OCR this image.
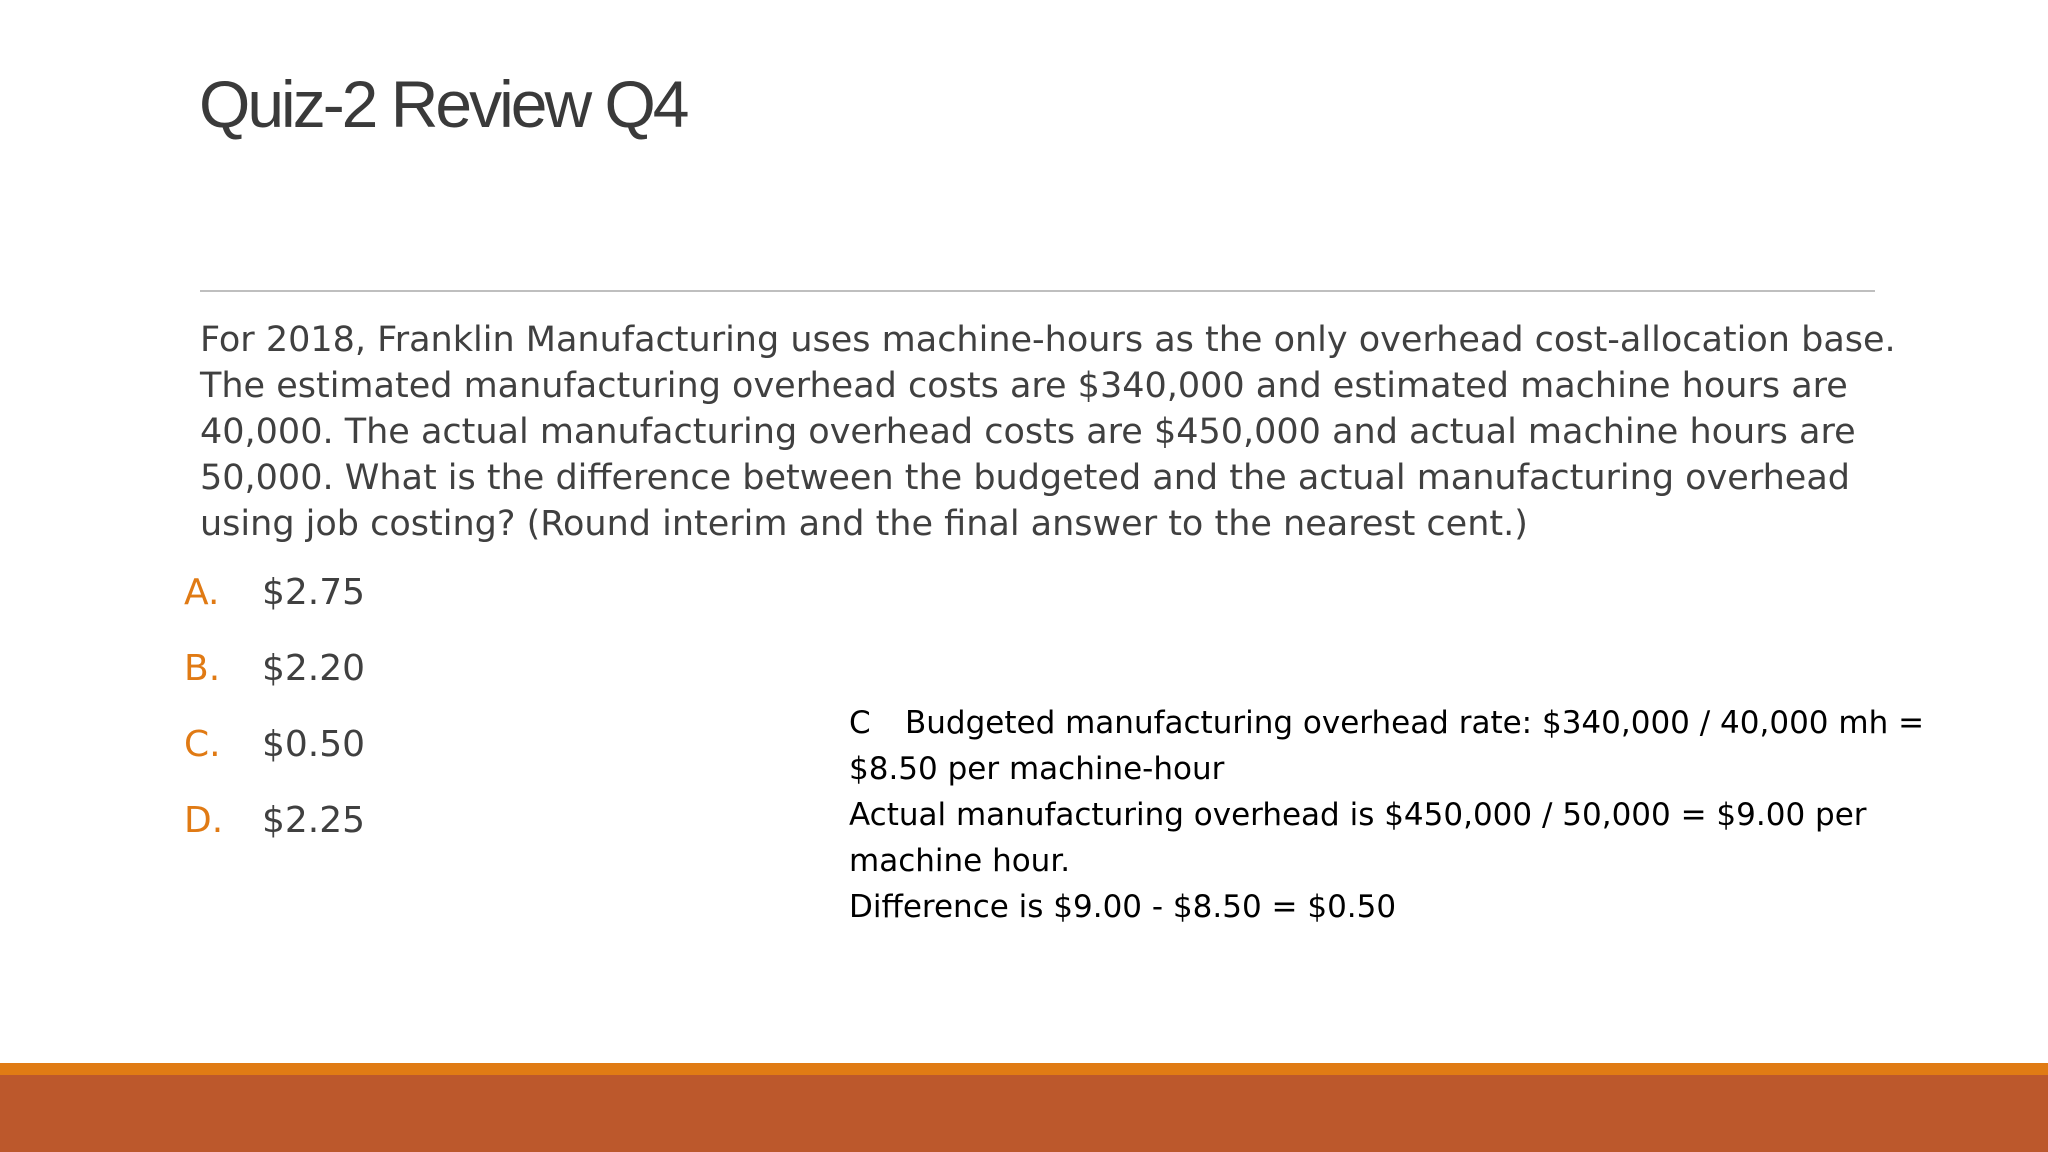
Quiz-2 Review Q4

For 2018, Franklin Manufacturing uses machine-hours as the only overhead cost-allocation base. The estimated manufacturing overhead costs are $340,000 and estimated machine hours are 40,000. The actual manufacturing overhead costs are $450,000 and actual machine hours are 50,000. What is the difference between the budgeted and the actual manufacturing overhead using job costing? (Round interim and the final answer to the nearest cent.)

A.	$2.75
B.	$2.20
C.	$0.50
D.	$2.25
C Budgeted manufacturing overhead rate: $340,000 / 40,000 mh =
$8.50 per machine-hour
Actual manufacturing overhead is $450,000 / 50,000 = $9.00 per
machine hour.
Difference is $9.00 - $8.50 = $0.50
